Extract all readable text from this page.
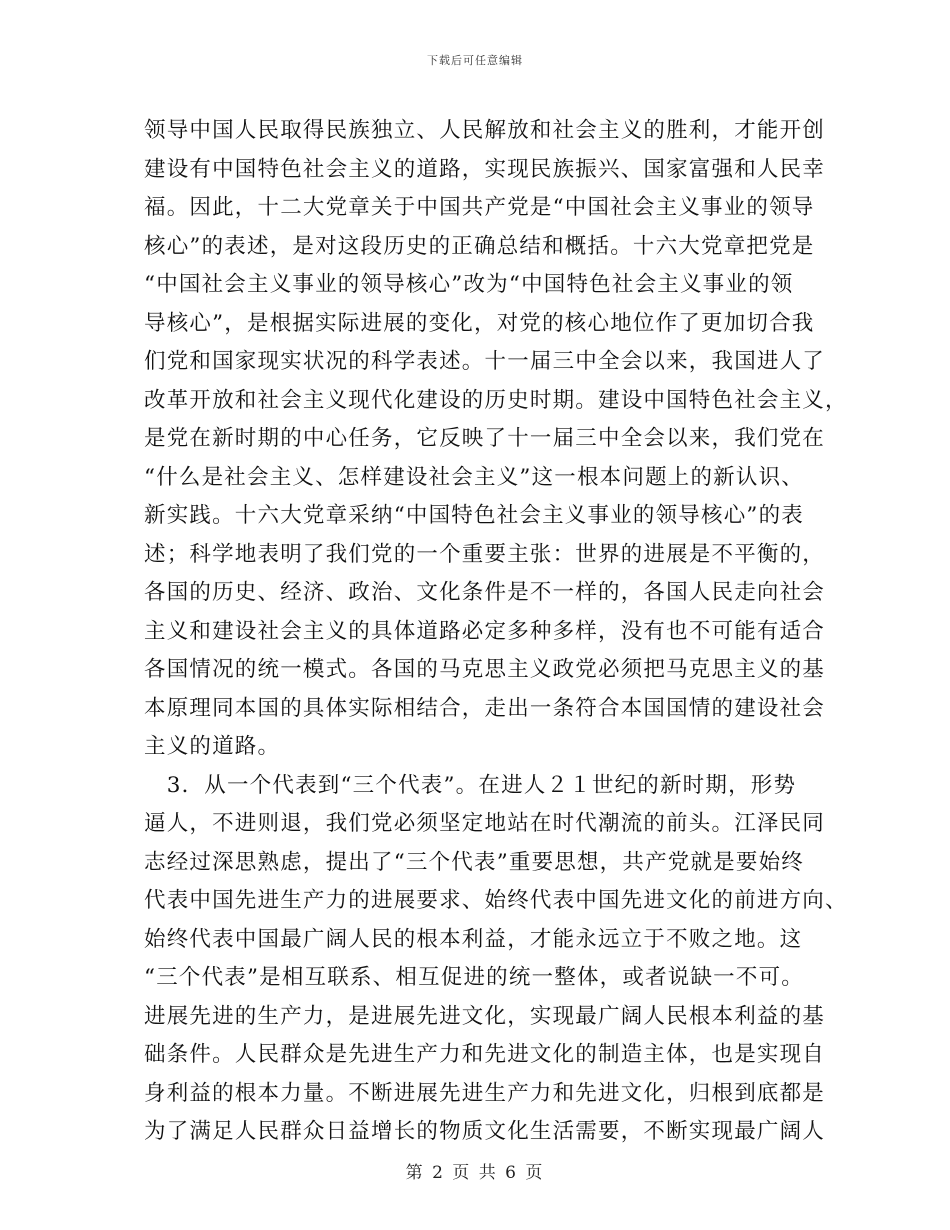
下载后可任意编辑
领导中国人民取得民族独立、人民解放和社会主义的胜利，才能开创
建设有中国特色社会主义的道路，实现民族振兴、国家富强和人民幸
福。因此，十二大党章关于中国共产党是“中国社会主义事业的领导
核心”的表述，是对这段历史的正确总结和概括。十六大党章把党是
“中国社会主义事业的领导核心”改为“中国特色社会主义事业的领
导核心”，是根据实际进展的变化，对党的核心地位作了更加切合我
们党和国家现实状况的科学表述。十一届三中全会以来，我国进人了
改革开放和社会主义现代化建设的历史时期。建设中国特色社会主义，
是党在新时期的中心任务，它反映了十一届三中全会以来，我们党在
“什么是社会主义、怎样建设社会主义”这一根本问题上的新认识、
新实践。十六大党章采纳“中国特色社会主义事业的领导核心”的表
述；科学地表明了我们党的一个重要主张：世界的进展是不平衡的，
各国的历史、经济、政治、文化条件是不一样的，各国人民走向社会
主义和建设社会主义的具体道路必定多种多样，没有也不可能有适合
各国情况的统一模式。各国的马克思主义政党必须把马克思主义的基
本原理同本国的具体实际相结合，走出一条符合本国国情的建设社会
主义的道路。
　3．从一个代表到“三个代表”。在进人２１世纪的新时期，形势
逼人，不进则退，我们党必须坚定地站在时代潮流的前头。江泽民同
志经过深思熟虑，提出了“三个代表”重要思想，共产党就是要始终
代表中国先进生产力的进展要求、始终代表中国先进文化的前进方向、
始终代表中国最广阔人民的根本利益，才能永远立于不败之地。这
“三个代表”是相互联系、相互促进的统一整体，或者说缺一不可。
进展先进的生产力，是进展先进文化，实现最广阔人民根本利益的基
础条件。人民群众是先进生产力和先进文化的制造主体，也是实现自
身利益的根本力量。不断进展先进生产力和先进文化，归根到底都是
为了满足人民群众日益增长的物质文化生活需要，不断实现最广阔人
第 2 页 共 6 页
